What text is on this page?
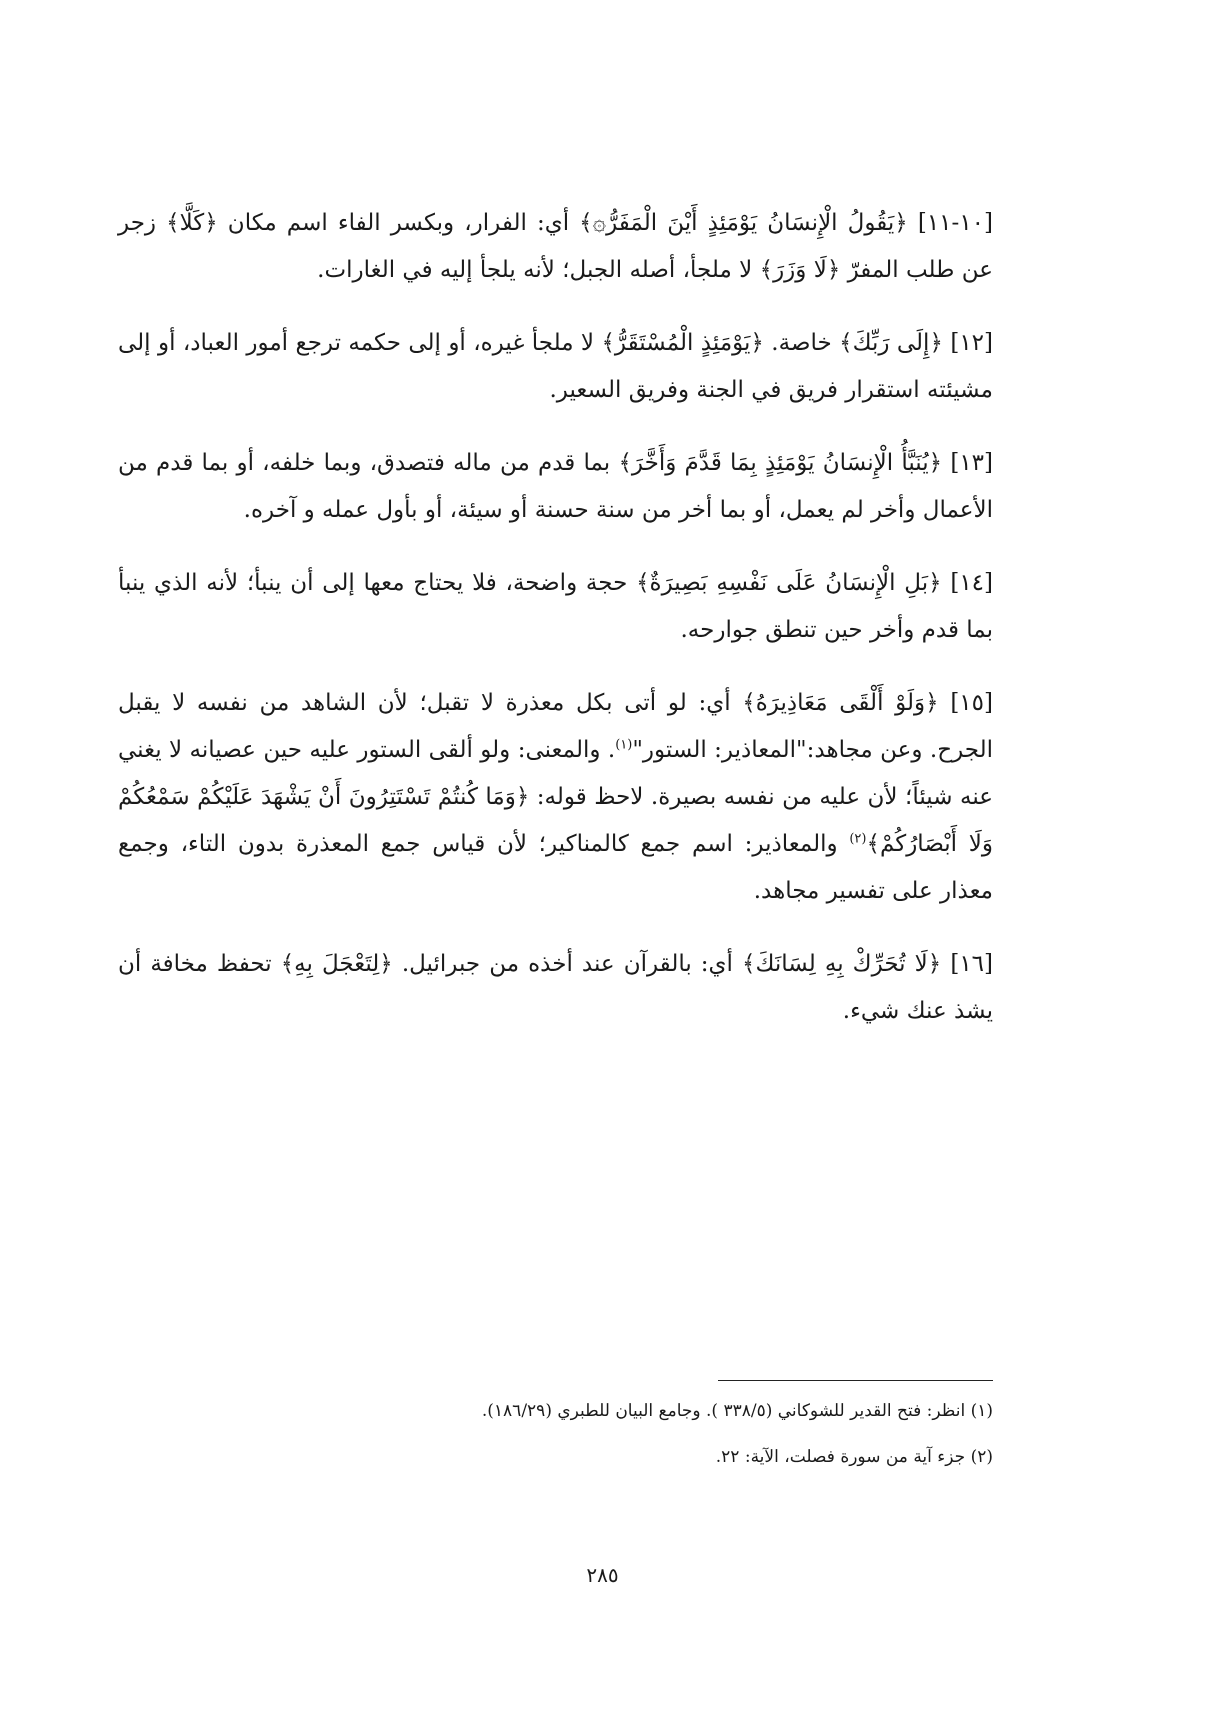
[١٠-١١] ﴿يَقُولُ الْإِنسَانُ يَوْمَئِذٍ أَيْنَ الْمَفَرُّ۞﴾ أي: الفرار، وبكسر الفاء اسم مكان ﴿كَلَّا﴾ زجر عن طلب المفرّ ﴿لَا وَزَرَ﴾ لا ملجأ، أصله الجبل؛ لأنه يلجأ إليه في الغارات.

[١٢] ﴿إِلَى رَبِّكَ﴾ خاصة. ﴿يَوْمَئِذٍ الْمُسْتَقَرُّ﴾ لا ملجأ غيره، أو إلى حكمه ترجع أمور العباد، أو إلى مشيئته استقرار فريق في الجنة وفريق السعير.

[١٣] ﴿يُنَبَّأُ الْإِنسَانُ يَوْمَئِذٍ بِمَا قَدَّمَ وَأَخَّرَ﴾ بما قدم من ماله فتصدق، وبما خلفه، أو بما قدم من الأعمال وأخر لم يعمل، أو بما أخر من سنة حسنة أو سيئة، أو بأول عمله و آخره.

[١٤] ﴿بَلِ الْإِنسَانُ عَلَى نَفْسِهِ بَصِيرَةٌ﴾ حجة واضحة، فلا يحتاج معها إلى أن ينبأ؛ لأنه الذي ينبأ بما قدم وأخر حين تنطق جوارحه.

[١٥] ﴿وَلَوْ أَلْقَى مَعَاذِيرَهُ﴾ أي: لو أتى بكل معذرة لا تقبل؛ لأن الشاهد من نفسه لا يقبل الجرح. وعن مجاهد:"المعاذير: الستور"$^{(١)}$. والمعنى: ولو ألقى الستور عليه حين عصيانه لا يغني عنه شيئاً؛ لأن عليه من نفسه بصيرة. لاحظ قوله: ﴿وَمَا كُنتُمْ تَسْتَتِرُونَ أَنْ يَشْهَدَ عَلَيْكُمْ سَمْعُكُمْ وَلَا أَبْصَارُكُمْ﴾$^{(٢)}$ والمعاذير: اسم جمع كالمناكير؛ لأن قياس جمع المعذرة بدون التاء، وجمع معذار على تفسير مجاهد.

[١٦] ﴿لَا تُحَرِّكْ بِهِ لِسَانَكَ﴾ أي: بالقرآن عند أخذه من جبرائيل. ﴿لِتَعْجَلَ بِهِ﴾ تحفظ مخافة أن يشذ عنك شيء.

(١) انظر: فتح القدير للشوكاني (٣٣٨/٥ ). وجامع البيان للطبري (١٨٦/٢٩).
(٢) جزء آية من سورة فصلت، الآية: ٢٢.
٢٨٥
